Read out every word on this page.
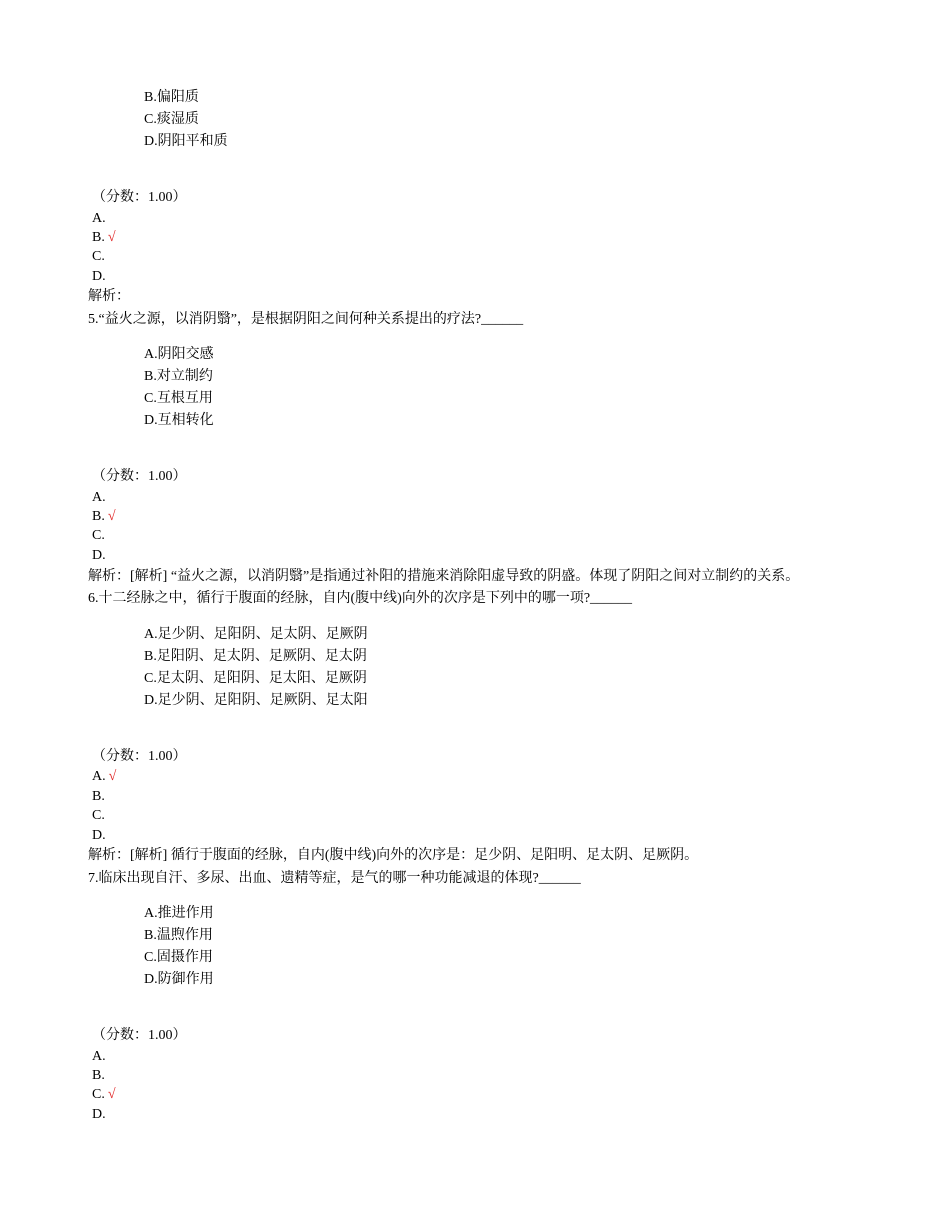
B.偏阳质
C.痰湿质
D.阴阳平和质
（分数：1.00）
A.
B. √
C.
D.
解析：
5.“益火之源，以消阴翳”，是根据阴阳之间何种关系提出的疗法?______
A.阴阳交感
B.对立制约
C.互根互用
D.互相转化
（分数：1.00）
A.
B. √
C.
D.
解析：[解析] “益火之源，以消阴翳”是指通过补阳的措施来消除阳虚导致的阴盛。体现了阴阳之间对立制约的关系。
6.十二经脉之中，循行于腹面的经脉，自内(腹中线)向外的次序是下列中的哪一项?______
A.足少阴、足阳阴、足太阴、足厥阴
B.足阳阴、足太阴、足厥阴、足太阴
C.足太阴、足阳阴、足太阳、足厥阴
D.足少阴、足阳阴、足厥阴、足太阳
（分数：1.00）
A. √
B.
C.
D.
解析：[解析] 循行于腹面的经脉，自内(腹中线)向外的次序是：足少阴、足阳明、足太阴、足厥阴。
7.临床出现自汗、多尿、出血、遗精等症，是气的哪一种功能减退的体现?______
A.推进作用
B.温煦作用
C.固摄作用
D.防御作用
（分数：1.00）
A.
B.
C. √
D.
